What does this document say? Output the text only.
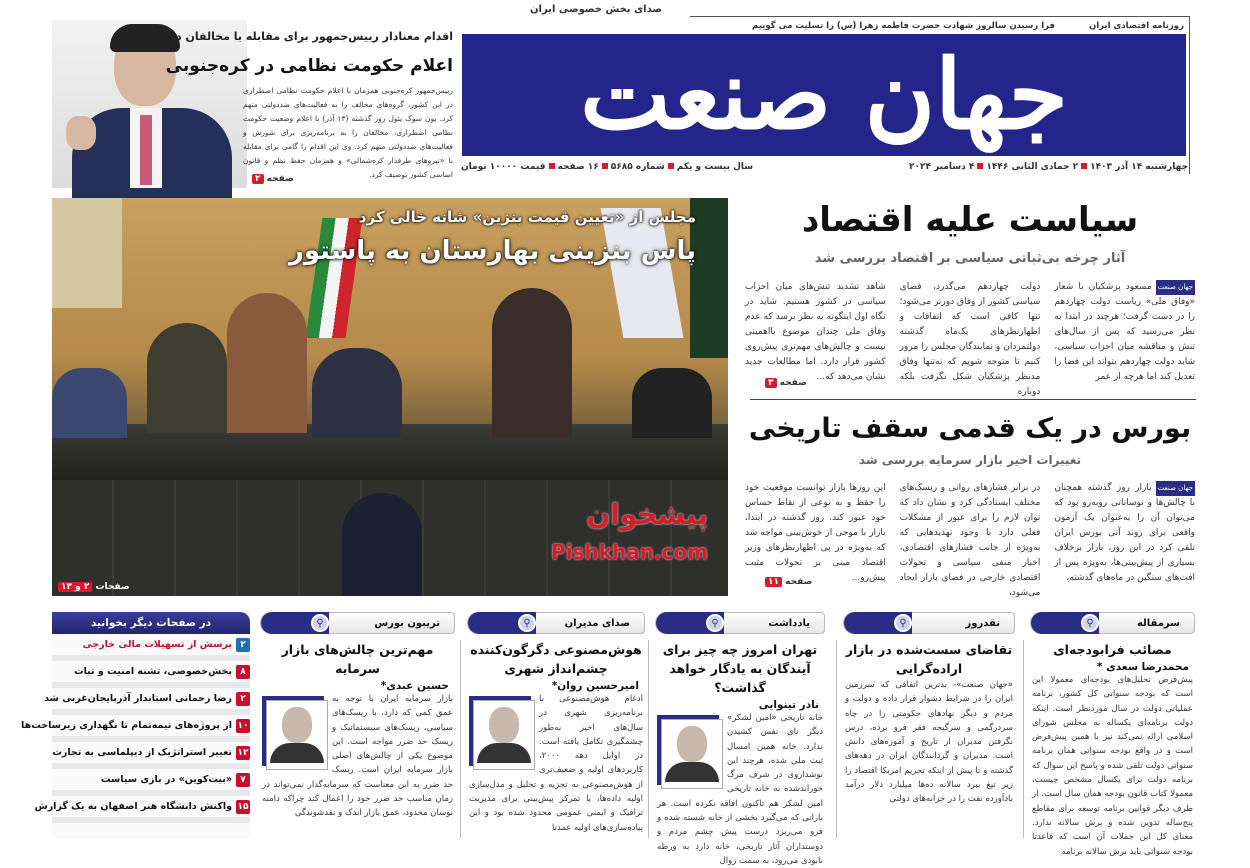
اقدام معنادار رییس‌جمهور برای مقابله با مخالفان دولت
اعلام حکومت نظامی در کره‌جنوبی
رییس‌جمهور کره‌جنوبی همزمان با اعلام حکومت نظامی اضطراری در این کشور، گروه‌های مخالف را به فعالیت‌های ضددولتی متهم کرد. یون سوک یئول روز گذشته (۱۳ آذر) با اعلام وضعیت حکومت نظامی اضطراری، مخالفان را به برنامه‌ریزی برای شورش و فعالیت‌های ضددولتی متهم کرد. وی این اقدام را گامی برای مقابله با «نیروهای طرفدار کره‌شمالی» و همزمان حفظ نظم و قانون اساسی کشور توصیف کرد.
صفحه ۲
صدای بخش خصوصی ایران
فرا رسیدن سالروز شهادت حضرت فاطمه زهرا (س) را تسلیت می گوییم	روزنامه اقتصادی ایران
جهان صنعت
چهارشنبه ۱۴ آذر ۱۴۰۳۲ جمادی الثانی ۱۴۴۶۴ دسامبر ۲۰۲۴
سال بیست و یکمشماره ۵۶۸۵۱۶ صفحهقیمت ۱۰۰۰۰ تومان
مجلس از «تعیین قیمت بنزین» شانه خالی کرد
پاس بنزینی بهارستان به پاستور
صفحات ۲ و ۱۳
پیشخوان
Pishkhan.com
سیاست علیه اقتصاد
آثار چرخه بی‌ثباتی سیاسی بر اقتصاد بررسی شد
جهان صنعتمسعود پزشکیان با شعار «وفاق ملی» ریاست دولت چهاردهم را در دست گرفت؛ هرچند در ابتدا به نظر می‌رسید که پس از سال‌های تنش و مناقشه میان احزاب سیاسی، شاید دولت چهاردهم بتواند این فضا را تعدیل کند اما هرچه از عمر
دولت چهاردهم می‌گذرد، فضای سیاسی کشور از وفاق دورتر می‌شود؛ تنها کافی است که اتفاقات و اظهارنظرهای یک‌ماه گذشته دولتمردان و نمایندگان مجلس را مرور کنیم تا متوجه شویم که نه‌تنها وفاق مدنظر پزشکیان شکل نگرفت بلکه دوباره
شاهد تشدید تنش‌های میان احزاب سیاسی در کشور هستیم. شاید در نگاه اول اینگونه به نظر برسد که عدم وفاق ملی چندان موضوع بااهمیتی نیست و چالش‌های مهم‌تری پیش‌روی کشور قرار دارد. اما مطالعات جدید نشان می‌دهد که...
صفحه ۳
بورس در یک قدمی سقف تاریخی
تغییرات اخیر بازار سرمایه بررسی شد
جهان صنعتبازار روز گذشته همچنان با چالش‌ها و نوساناتی روبه‌رو بود که می‌توان آن را به‌عنوان یک آزمون واقعی برای روند آتی بورس ایران تلقی کرد در این روز، بازار برخلاف بسیاری از پیش‌بینی‌ها، به‌ویژه پس از افت‌های سنگین در ماه‌های گذشته،
در برابر فشارهای روانی و ریسک‌های مختلف ایستادگی کرد و نشان داد که توان لازم را برای عبور از مشکلات فعلی دارد با وجود تهدیدهایی که به‌ویژه از جانب فشارهای اقتصادی، اخبار منفی سیاسی و تحولات اقتصادی خارجی در فضای بازار ایجاد می‌شود،
این روزها بازار توانست موقعیت خود را حفظ و به نوعی از نقاط حساس خود عبور کند. روز گذشته در ابتدا، بازار با موجی از خوش‌بینی مواجه شد که به‌ویژه در پی اظهارنظرهای وزیر اقتصاد مبنی بر تحولات مثبت پیش‌رو...
صفحه ۱۱
در صفحات دیگر بخوانید
۲
پرسش از تسهیلات مالی خارجی
۸
بخش‌خصوصی، تشنه امنیت و ثبات
۲
رضا رحمانی استاندار آذربایجان‌غربی شد
۱۰
از پروژه‌های نیمه‌تمام تا نگهداری زیرساخت‌ها
۱۲
تغییر استراتژیک از دیپلماسی به تجارت
۷
«بیت‌کوین» در بازی سیاست
۱۵
واکنش دانشگاه هنر اصفهان به یک گزارش
سرمقاله
⚲
مصائب فرابودجه‌ای
محمدرضا سعدی *
پیش‌فرض تحلیل‌های بودجه‌ای معمولا این است که بودجه سنواتی کل کشور، برنامه عملیاتی دولت در سال موردنظر است. اینکه دولت برنامه‌ای یکساله به مجلس شورای اسلامی ارائه نمی‌کند نیز با همین پیش‌فرض است و در واقع بودجه سنواتی همان برنامه سنواتی دولت تلقی شده و پاسخ این سوال که برنامه دولت برای یکسال مشخص چیست، معمولا کتاب قانون بودجه همان سال است. از طرف دیگر قوانین برنامه توسعه برای مقاطع پنج‌ساله تدوین شده و برش سالانه ندارد. معنای کل این جملات آن است که قاعدتا بودجه سنواتی باید برش سالانه برنامه
نقدروز
⚲
تقاضای سست‌شده در بازار اراده‌گرایی
«جهان صنعت»- بدترین اتفاقی که سرزمین ایران را در شرایط دشوار قرار داده و دولت و مردم و دیگر نهادهای حکومتی را در چاه سردرگمی و سرگیجه فقر فرو برده، درس نگرفتن مدیران از تاریخ و آموزه‌های دانش است. مدیران و گردانندگان ایران در دهه‌های گذشته و تا پیش از اینکه تحریم امریکا اقتصاد را زیر تیغ ببرد سالانه ده‌ها میلیارد دلار درآمد بادآورده نفت را در خزانه‌های دولتی
یادداشت
⚲
تهران امروز چه چیز برای آیندگان به یادگار خواهد گذاشت؟
نادر تینوایی
خانه تاریخی «امین لشکر» دیگر نای نفس کشیدن ندارد. خانه همین امسال ثبت ملی شده، هرچند این نوشداروی در شرف مرگ خوراندشده به خانه تاریخی امین لشکر هم تاکنون افاقه نکرده است. هر بارانی که می‌گیرد بخشی از خانه شسته شده و فرو می‌ریزد درست پیش چشم مردم و دوستداران آثار تاریخی، خانه دارد به ورطه نابودی می‌رود، به سمت زوال
صدای مدیران
⚲
هوش‌مصنوعی دگرگون‌کننده چشم‌انداز شهری
امیرحسین روان*
ادغام هوش‌مصنوعی با برنامه‌ریزی شهری در سال‌های اخیر به‌طور چشمگیری تکامل یافته است. در اوایل دهه ۲۰۰۰، کاربردهای اولیه و ضعیف‌تری از هوش‌مصنوعی به تجزیه و تحلیل و مدل‌سازی اولیه داده‌ها، با تمرکز پیش‌بینی برای مدیریت ترافیک و ایمنی عمومی محدود شده بود و این پیاده‌سازی‌های اولیه عمدتا
تریبون بورس
⚲
مهم‌ترین چالش‌های بازار سرمایه
حسین عبدی*
بازار سرمایه ایران با توجه به عمق کمی که دارد، با ریسک‌های سیاسی، ریسک‌های سیستماتیک و ریسک حد ضرر مواجه است. این موضوع یکی از چالش‌های اصلی بازار سرمایه ایران است. ریسک حد ضرر به این معناست که سرمایه‌گذار نمی‌تواند در زمان مناسب حد ضرر خود را اعمال کند چراکه دامنه نوسان محدود، عمق بازار اندک و نقدشوندگی
